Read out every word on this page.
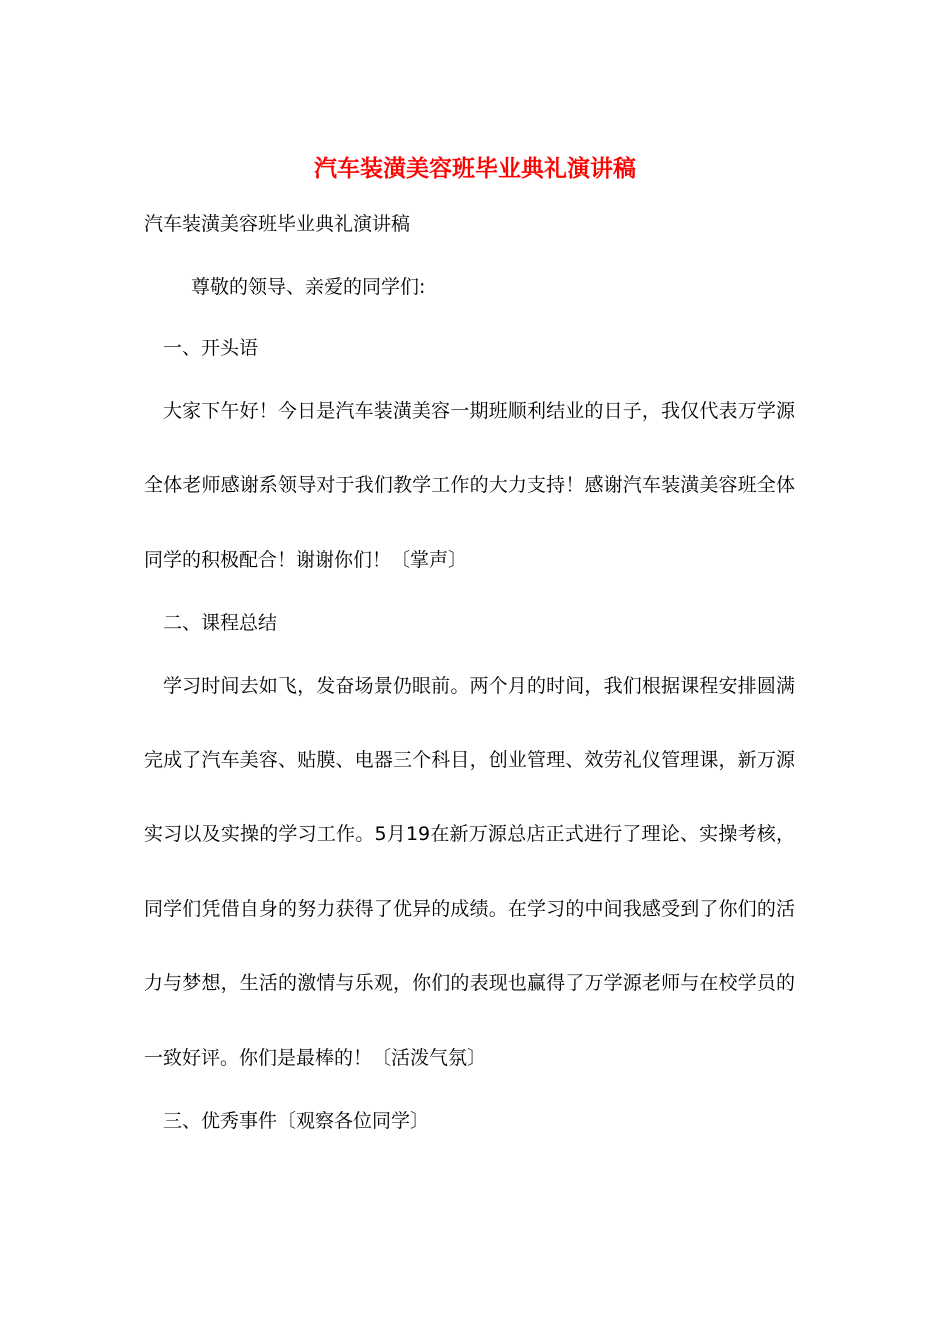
汽车装潢美容班毕业典礼演讲稿
汽车装潢美容班毕业典礼演讲稿
尊敬的领导、亲爱的同学们:
一、开头语
大家下午好！今日是汽车装潢美容一期班顺利结业的日子，我仅代表万学源
全体老师感谢系领导对于我们教学工作的大力支持！感谢汽车装潢美容班全体
同学的积极配合！谢谢你们！〔掌声〕
二、课程总结
学习时间去如飞，发奋场景仍眼前。两个月的时间，我们根据课程安排圆满
完成了汽车美容、贴膜、电器三个科目，创业管理、效劳礼仪管理课，新万源
实习以及实操的学习工作。5月19在新万源总店正式进行了理论、实操考核，
同学们凭借自身的努力获得了优异的成绩。在学习的中间我感受到了你们的活
力与梦想，生活的激情与乐观，你们的表现也赢得了万学源老师与在校学员的
一致好评。你们是最棒的！〔活泼气氛〕
三、优秀事件〔观察各位同学〕
